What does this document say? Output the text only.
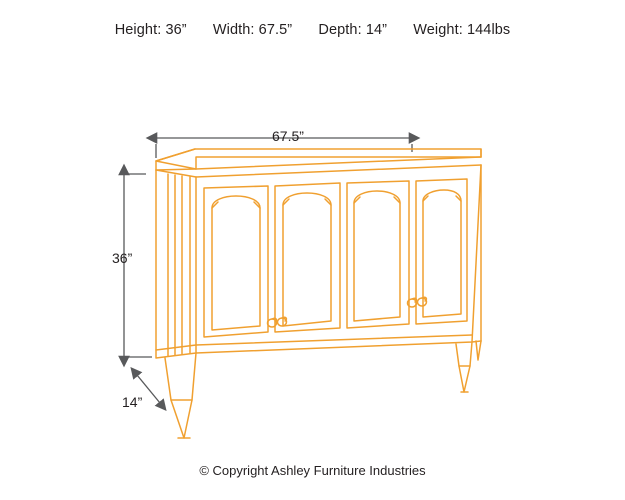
Height: 36” Width: 67.5” Depth: 14” Weight: 144lbs
67.5”
36”
14”
© Copyright Ashley Furniture Industries
